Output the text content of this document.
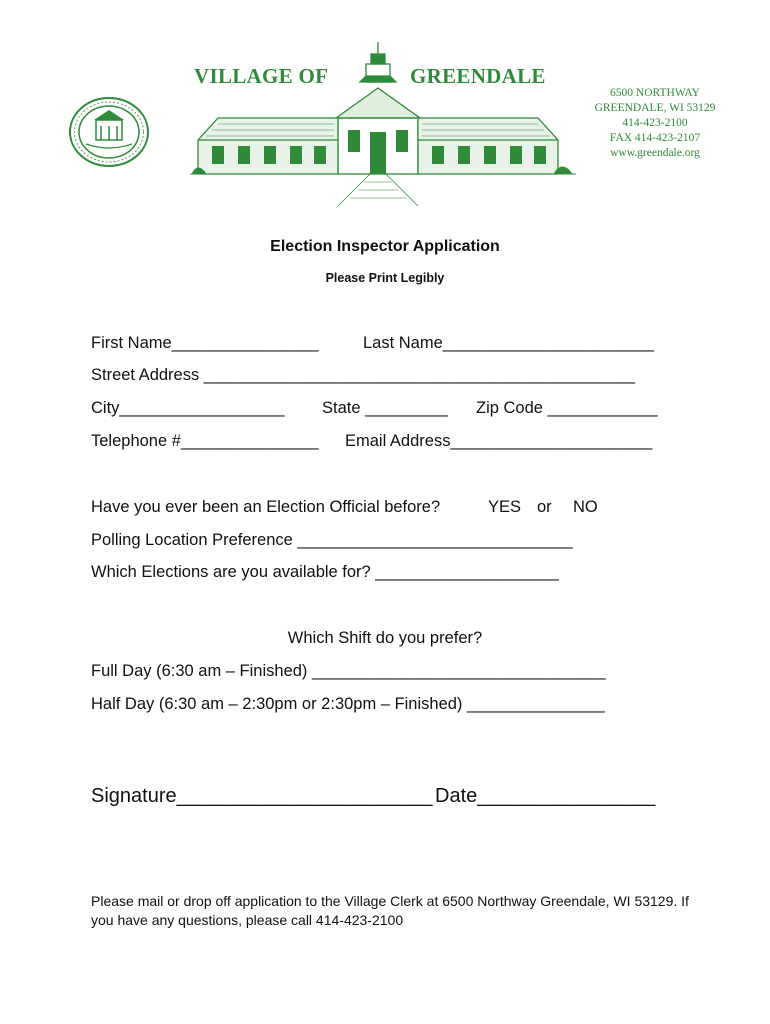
VILLAGE OF	GREENDALE
6500 NORTHWAY
GREENDALE, WI 53129
414-423-2100
FAX 414-423-2107
www.greendale.org
Election Inspector Application
Please Print Legibly
First Name________________	Last Name_______________________
Street Address _______________________________________________
City__________________ State _________ Zip Code ____________
Telephone #_______________ Email Address______________________
Have you ever been an Election Official before?	YES or NO
Polling Location Preference ______________________________
Which Elections are you available for? ____________________
Which Shift do you prefer?
Full Day (6:30 am – Finished) ________________________________
Half Day (6:30 am – 2:30pm or 2:30pm – Finished) _______________
Signature_______________________ Date________________
Please mail or drop off application to the Village Clerk at 6500 Northway Greendale, WI 53129. If you have any questions, please call 414-423-2100
